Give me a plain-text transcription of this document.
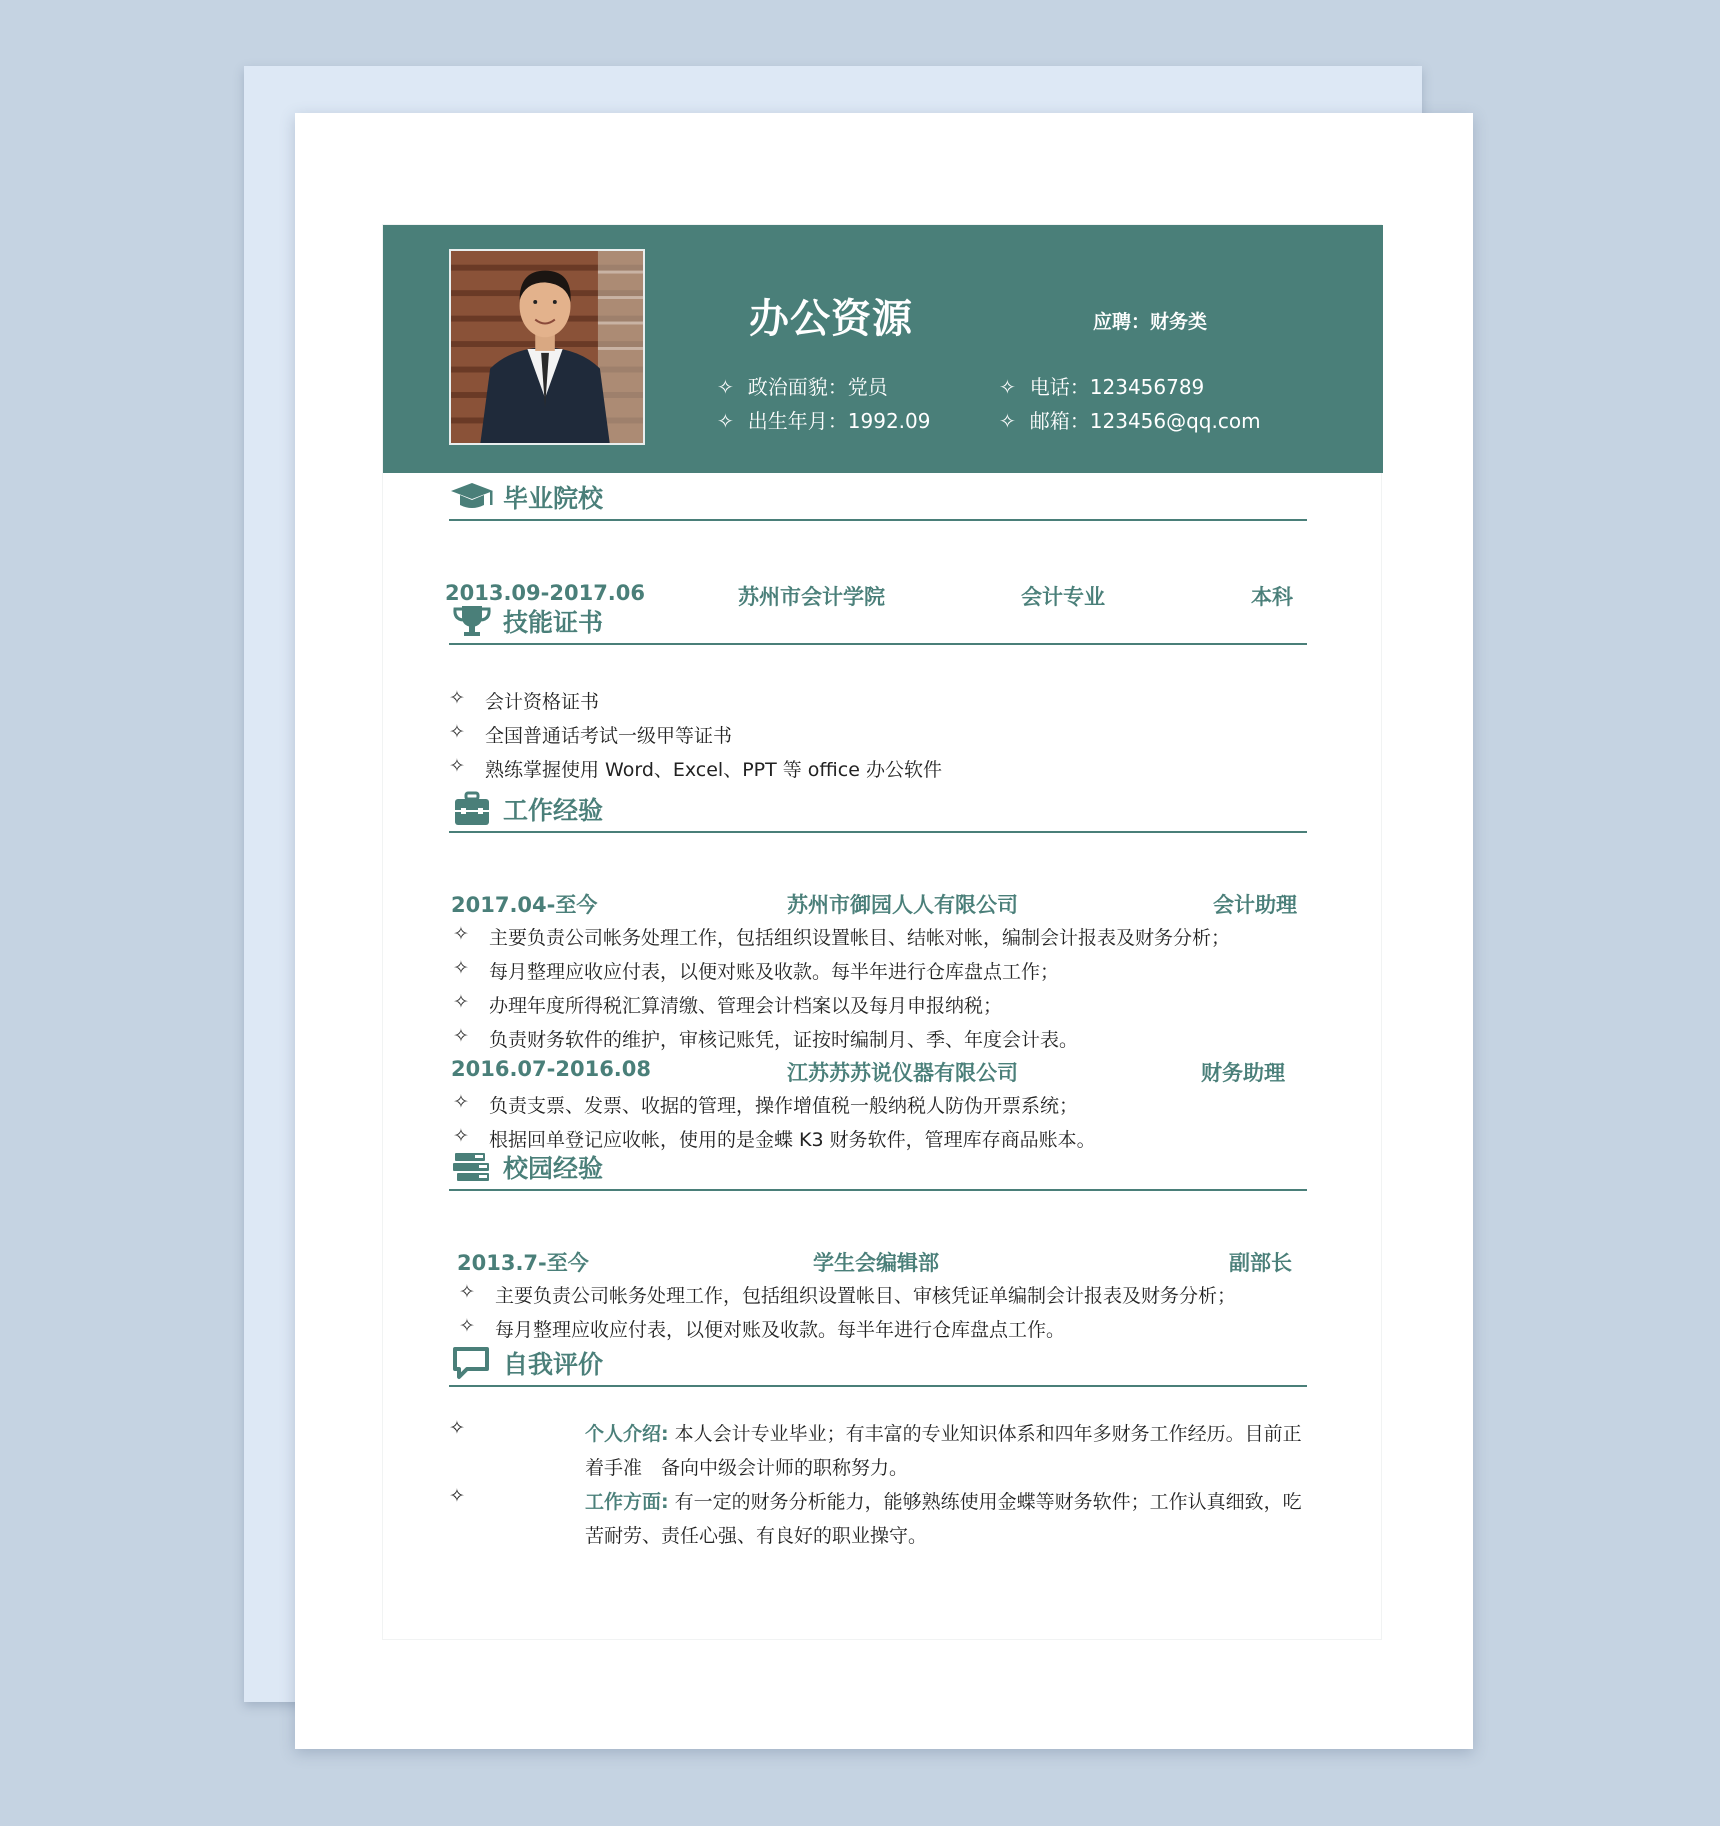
办公资源	应聘：财务类
✧ 政治面貌：党员
✧ 出生年月：1992.09
✧ 电话：123456789
✧ 邮箱：123456@qq.com
毕业院校
2013.09-2017.06	苏州市会计学院	会计专业	本科
技能证书
✧ 会计资格证书
✧ 全国普通话考试一级甲等证书
✧ 熟练掌握使用 Word、Excel、PPT 等 office 办公软件
工作经验
2017.04-至今	苏州市御园人人有限公司	会计助理
✧ 主要负责公司帐务处理工作，包括组织设置帐目、结帐对帐，编制会计报表及财务分析；
✧ 每月整理应收应付表，以便对账及收款。每半年进行仓库盘点工作；
✧ 办理年度所得税汇算清缴、管理会计档案以及每月申报纳税；
✧ 负责财务软件的维护，审核记账凭，证按时编制月、季、年度会计表。
2016.07-2016.08	江苏苏苏说仪器有限公司	财务助理
✧ 负责支票、发票、收据的管理，操作增值税一般纳税人防伪开票系统；
✧ 根据回单登记应收帐，使用的是金蝶 K3 财务软件，管理库存商品账本。
校园经验
2013.7-至今	学生会编辑部	副部长
✧ 主要负责公司帐务处理工作，包括组织设置帐目、审核凭证单编制会计报表及财务分析；
✧ 每月整理应收应付表，以便对账及收款。每半年进行仓库盘点工作。
自我评价
✧	个人介绍: 本人会计专业毕业；有丰富的专业知识体系和四年多财务工作经历。目前正着手准　备向中级会计师的职称努力。
✧	工作方面: 有一定的财务分析能力，能够熟练使用金蝶等财务软件；工作认真细致，吃苦耐劳、责任心强、有良好的职业操守。
